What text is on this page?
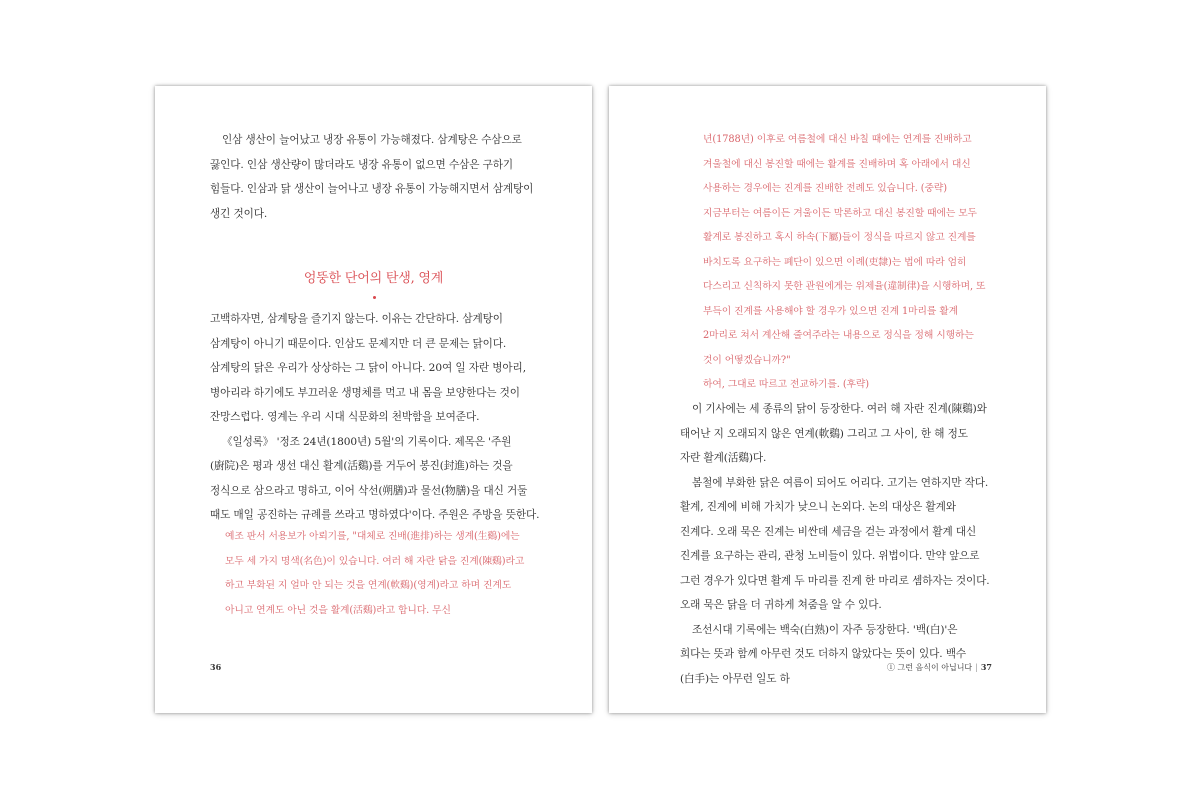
인삼 생산이 늘어났고 냉장 유통이 가능해졌다. 삼계탕은 수삼으로 끓인다. 인삼 생산량이 많더라도 냉장 유통이 없으면 수삼은 구하기 힘들다. 인삼과 닭 생산이 늘어나고 냉장 유통이 가능해지면서 삼계탕이 생긴 것이다.

엉뚱한 단어의 탄생, 영계

고백하자면, 삼계탕을 즐기지 않는다. 이유는 간단하다. 삼계탕이 삼계탕이 아니기 때문이다. 인삼도 문제지만 더 큰 문제는 닭이다. 삼계탕의 닭은 우리가 상상하는 그 닭이 아니다. 20여 일 자란 병아리, 병아리라 하기에도 부끄러운 생명체를 먹고 내 몸을 보양한다는 것이 잔망스럽다. 영계는 우리 시대 식문화의 천박함을 보여준다.

《일성록》 '정조 24년(1800년) 5월'의 기록이다. 제목은 '주원(廚院)은 평과 생선 대신 활계(活鷄)를 거두어 봉진(封進)하는 것을 정식으로 삼으라고 명하고, 이어 삭선(朔膳)과 물선(物膳)을 대신 거둘 때도 매일 공진하는 규례를 쓰라고 명하였다'이다. 주원은 주방을 뜻한다.

예조 판서 서용보가 아뢰기를, "대체로 진배(進排)하는 생계(生鷄)에는 모두 세 가지 명색(名色)이 있습니다. 여러 해 자란 닭을 진계(陳鷄)라고 하고 부화된 지 얼마 안 되는 것을 연계(軟鷄)(영계)라고 하며 진계도 아니고 연계도 아닌 것을 활계(活鷄)라고 합니다. 무신

36

년(1788년) 이후로 여름철에 대신 바칠 때에는 연계를 진배하고 겨울철에 대신 봉진할 때에는 활계를 진배하며 혹 아래에서 대신 사용하는 경우에는 진계를 진배한 전례도 있습니다. (중략) 지금부터는 여름이든 겨울이든 막론하고 대신 봉진할 때에는 모두 활계로 봉진하고 혹시 하속(下屬)들이 정식을 따르지 않고 진계를 바치도록 요구하는 폐단이 있으면 이례(吏隸)는 법에 따라 엄히 다스리고 신칙하지 못한 관원에게는 위제율(違制律)을 시행하며, 또 부득이 진계를 사용해야 할 경우가 있으면 진계 1마리를 활계 2마리로 쳐서 계산해 줄여주라는 내용으로 정식을 정해 시행하는 것이 어떻겠습니까?"

하여, 그대로 따르고 전교하기를. (후략)

이 기사에는 세 종류의 닭이 등장한다. 여러 해 자란 진계(陳鷄)와 태어난 지 오래되지 않은 연계(軟鷄) 그리고 그 사이, 한 해 정도 자란 활계(活鷄)다.

봄철에 부화한 닭은 여름이 되어도 어리다. 고기는 연하지만 작다. 활계, 진계에 비해 가치가 낮으니 논외다. 논의 대상은 활계와 진계다. 오래 묵은 진계는 비싼데 세금을 걷는 과정에서 활계 대신 진계를 요구하는 관리, 관청 노비들이 있다. 위법이다. 만약 앞으로 그런 경우가 있다면 활계 두 마리를 진계 한 마리로 셈하자는 것이다. 오래 묵은 닭을 더 귀하게 쳐줌을 알 수 있다.

조선시대 기록에는 백숙(白熟)이 자주 등장한다. '백(白)'은 희다는 뜻과 함께 아무런 것도 더하지 않았다는 뜻이 있다. 백수(白手)는 아무런 일도 하

① 그런 음식이 아닙니다 | 37
